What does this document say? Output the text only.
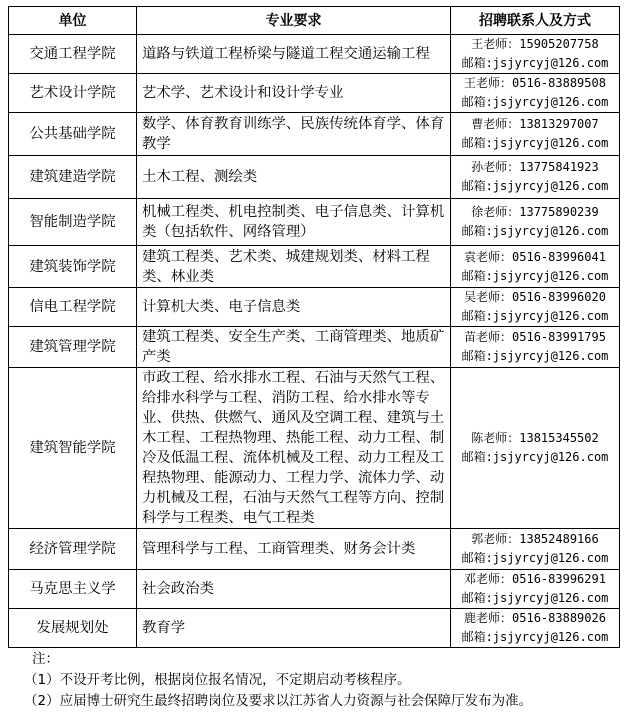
单位	专业要求	招聘联系人及方式
交通工程学院	道路与铁道工程桥梁与隧道工程交通运输工程	王老师：15905207758
邮箱:jsjyrcyj@126.com

艺术设计学院	艺术学、艺术设计和设计学专业	王老师：0516-83889508
邮箱:jsjyrcyj@126.com

公共基础学院	数学、体育教育训练学、民族传统体育学、体育教学	曹老师：13813297007
邮箱:jsjyrcyj@126.com

建筑建造学院	土木工程、测绘类	孙老师：13775841923
邮箱:jsjyrcyj@126.com

智能制造学院	机械工程类、机电控制类、电子信息类、计算机类（包括软件、网络管理）	徐老师：13775890239
邮箱:jsjyrcyj@126.com

建筑装饰学院	建筑工程类、艺术类、城建规划类、材料工程类、林业类	袁老师：0516-83996041
邮箱:jsjyrcyj@126.com

信电工程学院	计算机大类、电子信息类	吴老师：0516-83996020
邮箱:jsjyrcyj@126.com

建筑管理学院	建筑工程类、安全生产类、工商管理类、地质矿产类	苗老师：0516-83991795
邮箱:jsjyrcyj@126.com

建筑智能学院	市政工程、给水排水工程、石油与天然气工程、给排水科学与工程、消防工程、给水排水等专业、供热、供燃气、通风及空调工程、建筑与土木工程、工程热物理、热能工程、动力工程、制冷及低温工程、流体机械及工程、动力工程及工程热物理、能源动力、工程力学、流体力学、动力机械及工程，石油与天然气工程等方向、控制科学与工程类、电气工程类	陈老师：13815345502
邮箱:jsjyrcyj@126.com

经济管理学院	管理科学与工程、工商管理类、财务会计类	郭老师：13852489166
邮箱:jsjyrcyj@126.com

马克思主义学	社会政治类	邓老师：0516-83996291
邮箱:jsjyrcyj@126.com

发展规划处	教育学	鹿老师：0516-83889026
邮箱:jsjyrcyj@126.com
注：
（1）不设开考比例，根据岗位报名情况，不定期启动考核程序。
（2）应届博士研究生最终招聘岗位及要求以江苏省人力资源与社会保障厅发布为准。
